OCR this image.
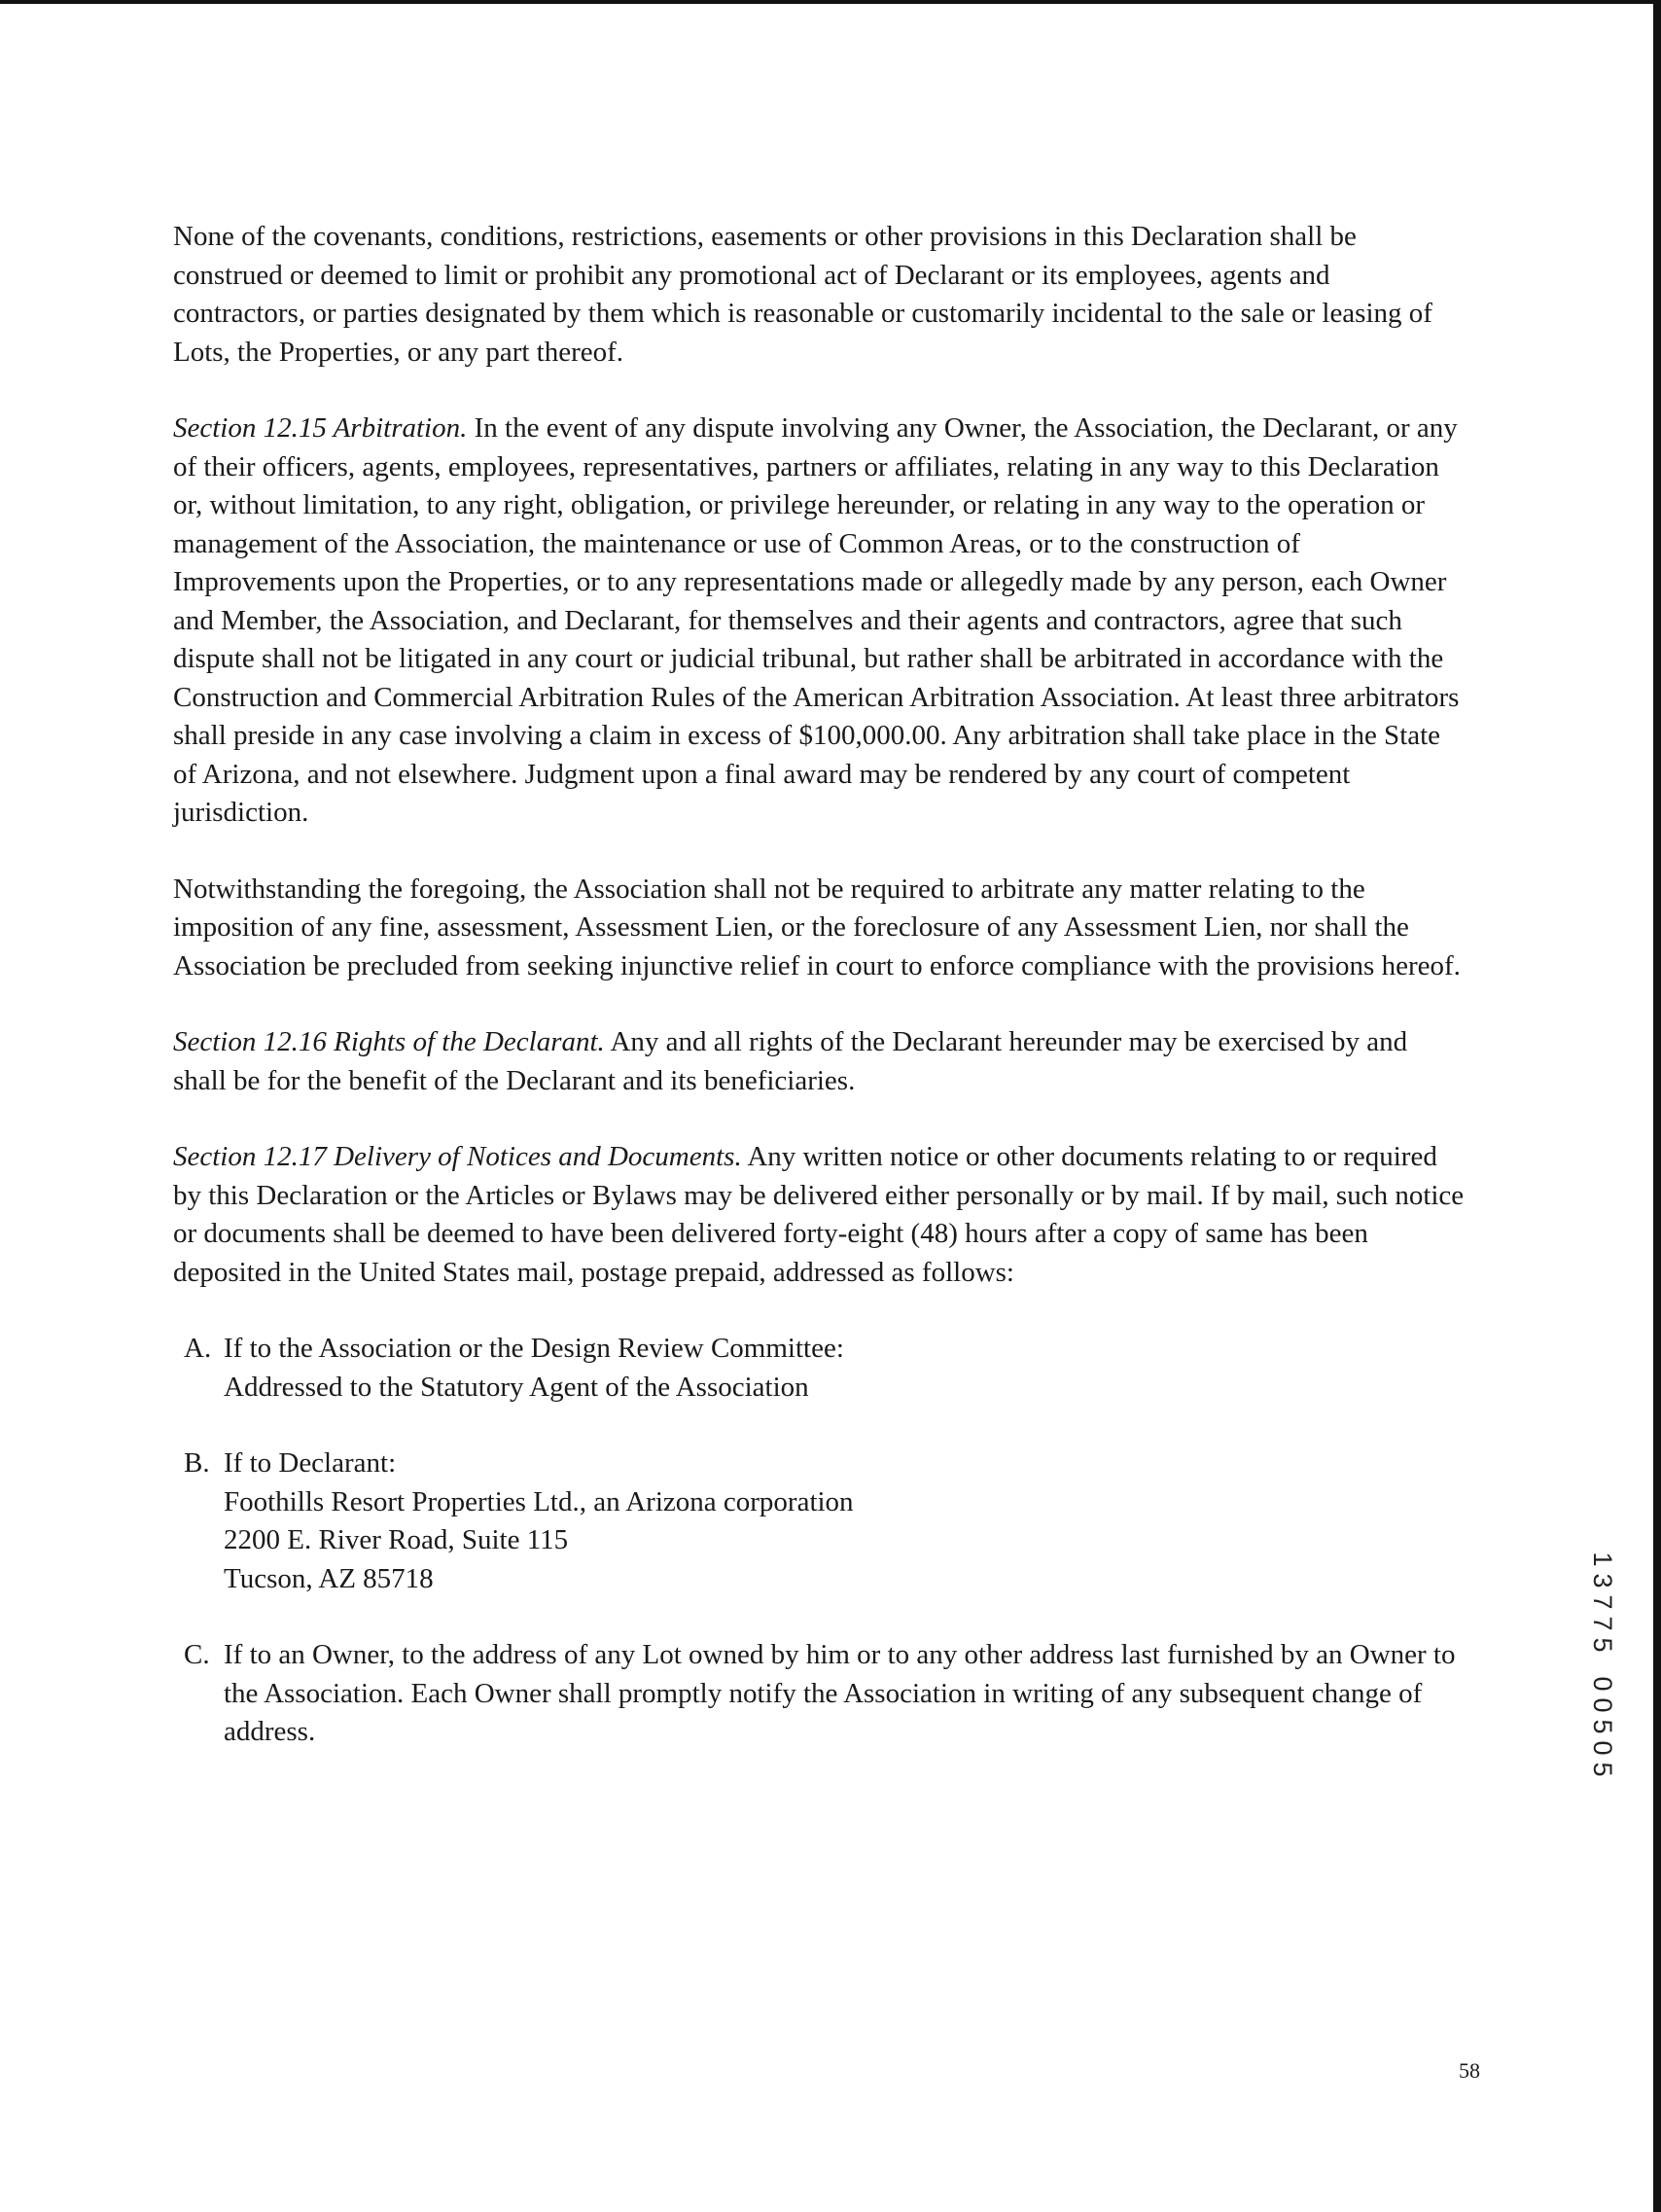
None of the covenants, conditions, restrictions, easements or other provisions in this Declaration shall be construed or deemed to limit or prohibit any promotional act of Declarant or its employees, agents and contractors, or parties designated by them which is reasonable or customarily incidental to the sale or leasing of Lots, the Properties, or any part thereof.

Section 12.15 Arbitration. In the event of any dispute involving any Owner, the Association, the Declarant, or any of their officers, agents, employees, representatives, partners or affiliates, relating in any way to this Declaration or, without limitation, to any right, obligation, or privilege hereunder, or relating in any way to the operation or management of the Association, the maintenance or use of Common Areas, or to the construction of Improvements upon the Properties, or to any representations made or allegedly made by any person, each Owner and Member, the Association, and Declarant, for themselves and their agents and contractors, agree that such dispute shall not be litigated in any court or judicial tribunal, but rather shall be arbitrated in accordance with the Construction and Commercial Arbitration Rules of the American Arbitration Association. At least three arbitrators shall preside in any case involving a claim in excess of $100,000.00. Any arbitration shall take place in the State of Arizona, and not elsewhere. Judgment upon a final award may be rendered by any court of competent jurisdiction.

Notwithstanding the foregoing, the Association shall not be required to arbitrate any matter relating to the imposition of any fine, assessment, Assessment Lien, or the foreclosure of any Assessment Lien, nor shall the Association be precluded from seeking injunctive relief in court to enforce compliance with the provisions hereof.

Section 12.16 Rights of the Declarant. Any and all rights of the Declarant hereunder may be exercised by and shall be for the benefit of the Declarant and its beneficiaries.

Section 12.17 Delivery of Notices and Documents. Any written notice or other documents relating to or required by this Declaration or the Articles or Bylaws may be delivered either personally or by mail. If by mail, such notice or documents shall be deemed to have been delivered forty-eight (48) hours after a copy of same has been deposited in the United States mail, postage prepaid, addressed as follows:

A. If to the Association or the Design Review Committee:
Addressed to the Statutory Agent of the Association
B. If to Declarant:
Foothills Resort Properties Ltd., an Arizona corporation
2200 E. River Road, Suite 115
Tucson, AZ 85718
C. If to an Owner, to the address of any Lot owned by him or to any other address last furnished by an Owner to the Association. Each Owner shall promptly notify the Association in writing of any subsequent change of address.
1
3
7
7
5
0
0
5
0
5
58
